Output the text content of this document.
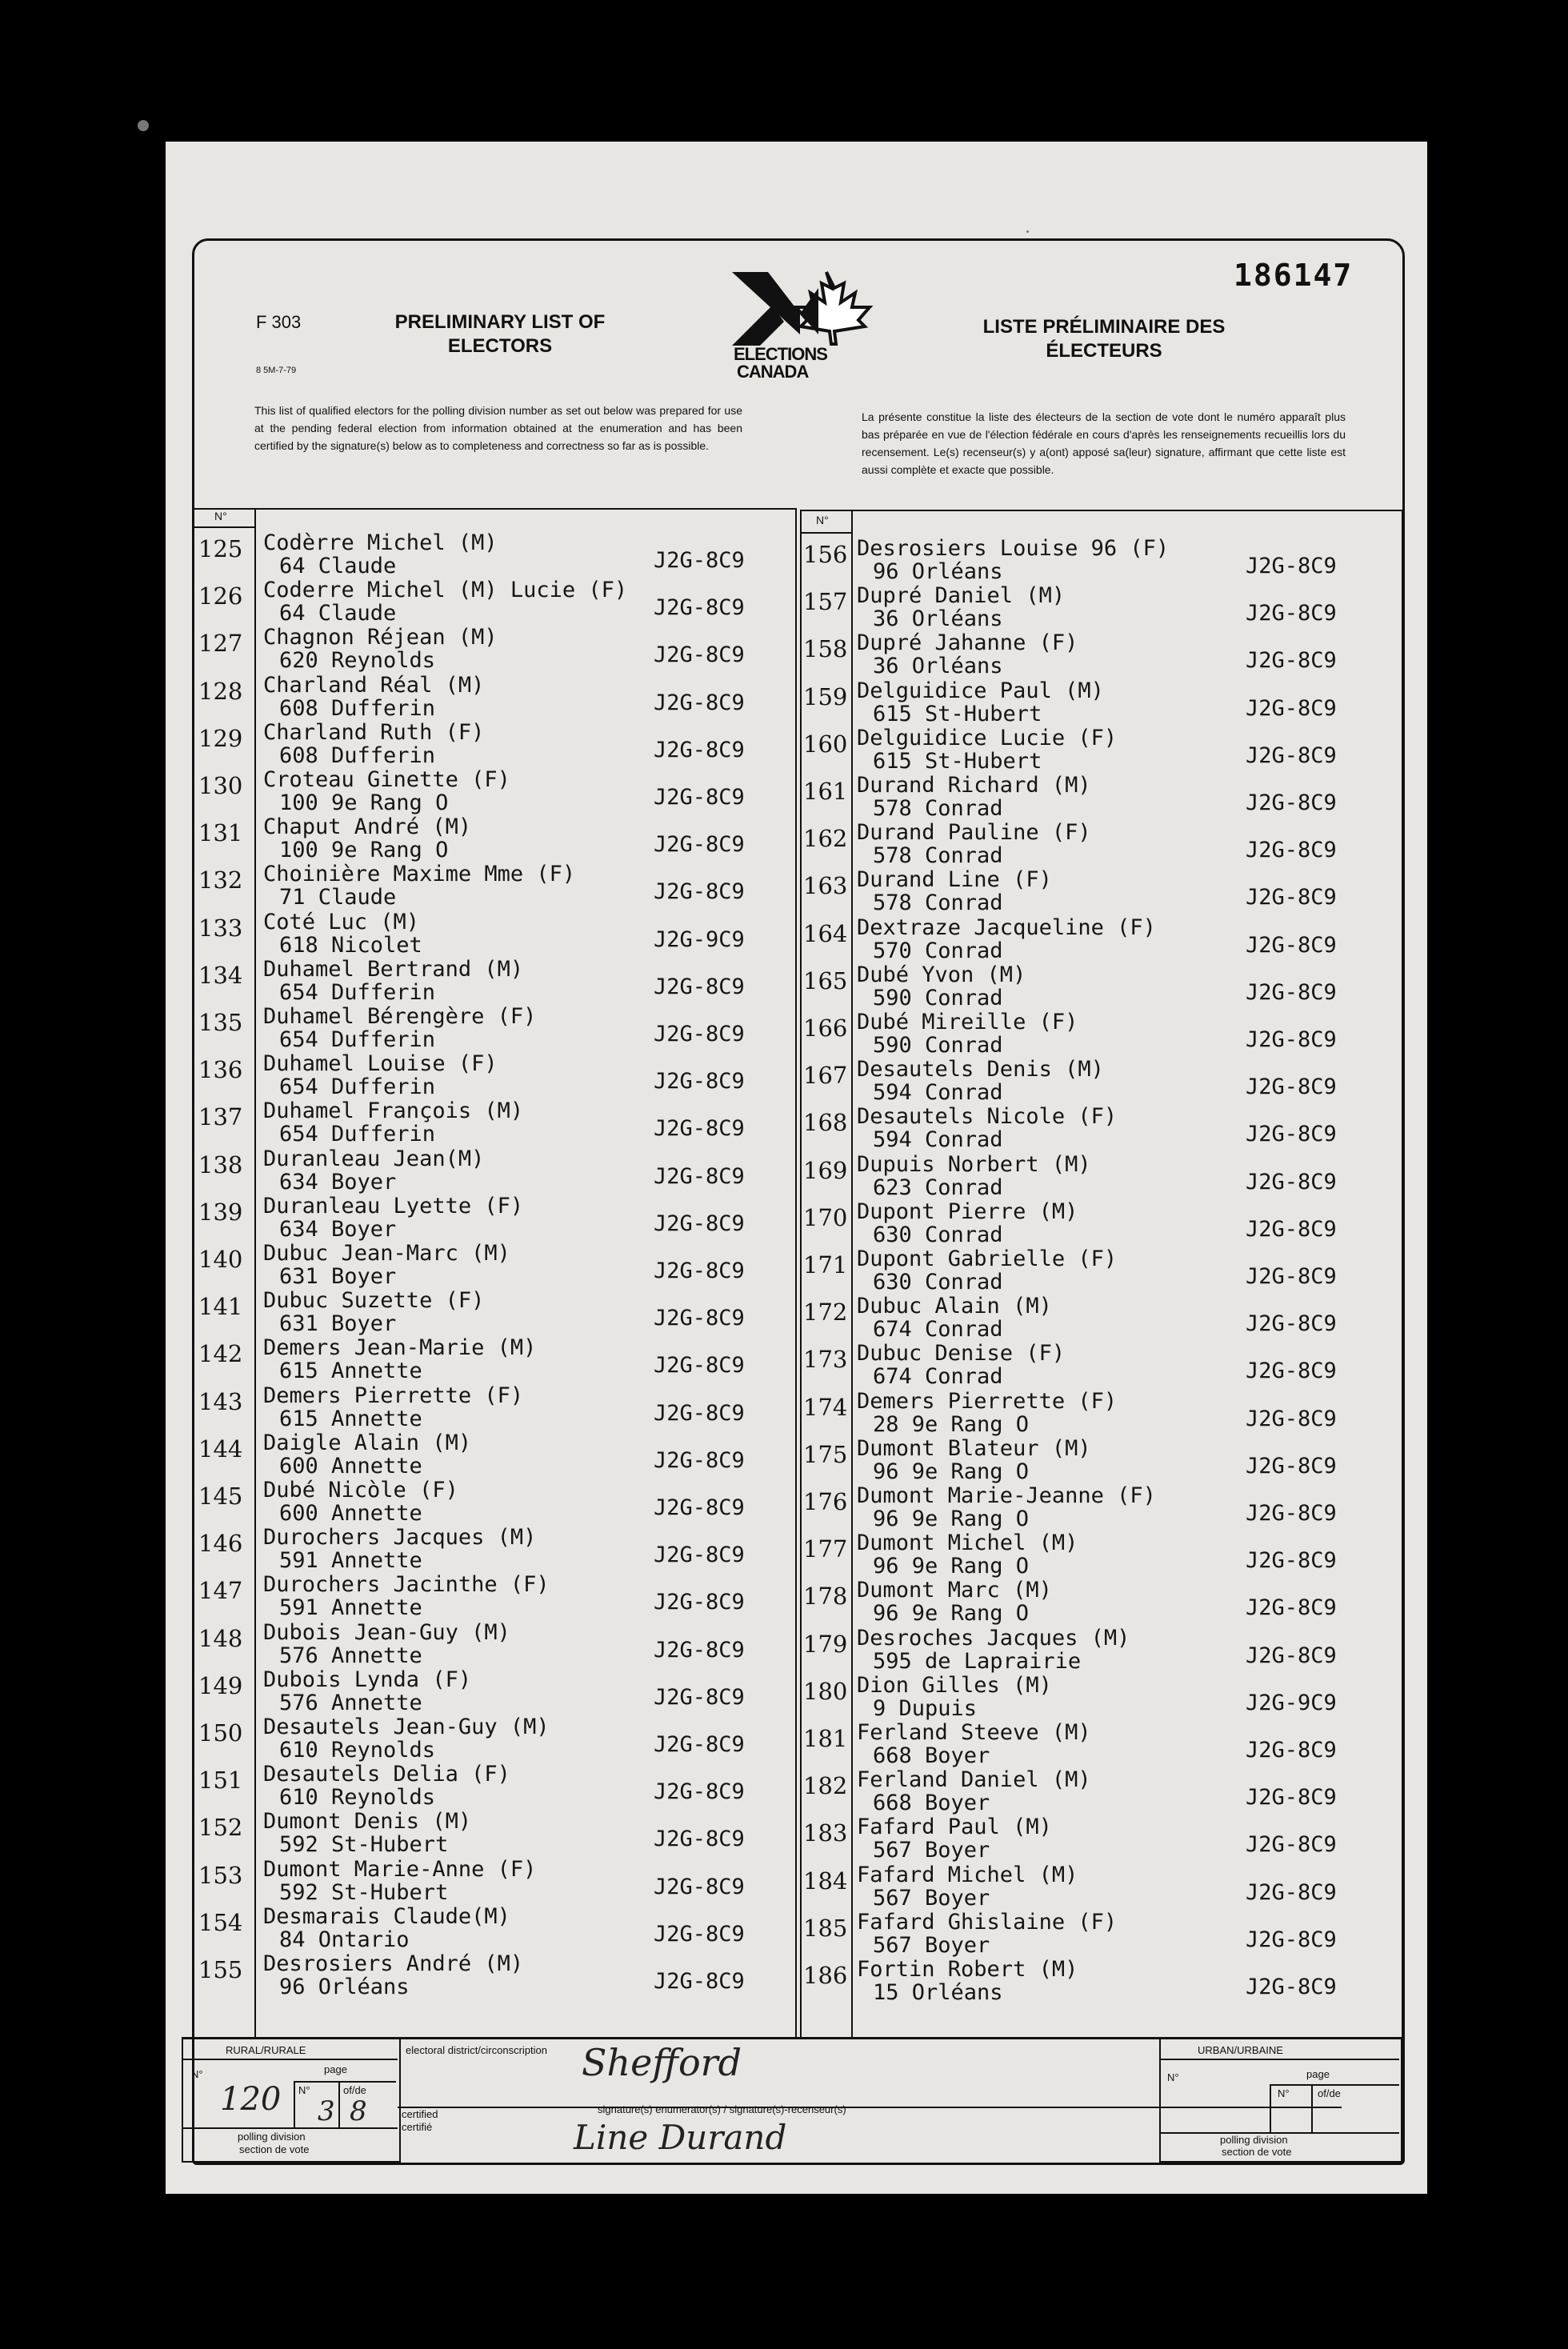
186147
F 303
8 5M-7-79
PRELIMINARY LIST OF
ELECTORS	ELECTIONS
CANADA
LISTE PRÉLIMINAIRE DES
ÉLECTEURS
This list of qualified electors for the polling division number as set out below was prepared for use at the pending federal election from information obtained at the enumeration and has been certified by the signature(s) below as to completeness and correctness so far as is possible.
La présente constitue la liste des électeurs de la section de vote dont le numéro apparaît plus bas préparée en vue de l'élection fédérale en cours d'après les renseignements recueillis lors du recensement. Le(s) recenseur(s) y a(ont) apposé sa(leur) signature, affirmant que cette liste est aussi complète et exacte que possible.
N°	N°
125 Codèrre Michel (M)
64 Claude	J2G-8C9
126 Coderre Michel (M) Lucie (F)
64 Claude	J2G-8C9
127 Chagnon Réjean (M)
620 Reynolds	J2G-8C9
128 Charland Réal (M)
608 Dufferin	J2G-8C9
129 Charland Ruth (F)
608 Dufferin	J2G-8C9
130 Croteau Ginette (F)
100 9e Rang O	J2G-8C9
131 Chaput André (M)
100 9e Rang O	J2G-8C9
132 Choinière Maxime Mme (F)
71 Claude	J2G-8C9
133 Coté Luc (M)
618 Nicolet	J2G-9C9
134 Duhamel Bertrand (M)
654 Dufferin	J2G-8C9
135 Duhamel Bérengère (F)
654 Dufferin	J2G-8C9
136 Duhamel Louise (F)
654 Dufferin	J2G-8C9
137 Duhamel François (M)
654 Dufferin	J2G-8C9
138 Duranleau Jean(M)
634 Boyer	J2G-8C9
139 Duranleau Lyette (F)
634 Boyer	J2G-8C9
140 Dubuc Jean-Marc (M)
631 Boyer	J2G-8C9
141 Dubuc Suzette (F)
631 Boyer	J2G-8C9
142 Demers Jean-Marie (M)
615 Annette	J2G-8C9
143 Demers Pierrette (F)
615 Annette	J2G-8C9
144 Daigle Alain (M)
600 Annette	J2G-8C9
145 Dubé Nicòle (F)
600 Annette	J2G-8C9
146 Durochers Jacques (M)
591 Annette	J2G-8C9
147 Durochers Jacinthe (F)
591 Annette	J2G-8C9
148 Dubois Jean-Guy (M)
576 Annette	J2G-8C9
149 Dubois Lynda (F)
576 Annette	J2G-8C9
150 Desautels Jean-Guy (M)
610 Reynolds	J2G-8C9
151 Desautels Delia (F)
610 Reynolds	J2G-8C9
152 Dumont Denis (M)
592 St-Hubert	J2G-8C9
153 Dumont Marie-Anne (F)
592 St-Hubert	J2G-8C9
154 Desmarais Claude(M)
84 Ontario	J2G-8C9
155 Desrosiers André (M)
96 Orléans	J2G-8C9
156 Desrosiers Louise 96 (F)
96 Orléans	J2G-8C9
157 Dupré Daniel (M)
36 Orléans	J2G-8C9
158 Dupré Jahanne (F)
36 Orléans	J2G-8C9
159 Delguidice Paul (M)
615 St-Hubert	J2G-8C9
160 Delguidice Lucie (F)
615 St-Hubert	J2G-8C9
161 Durand Richard (M)
578 Conrad	J2G-8C9
162 Durand Pauline (F)
578 Conrad	J2G-8C9
163 Durand Line (F)
578 Conrad	J2G-8C9
164 Dextraze Jacqueline (F)
570 Conrad	J2G-8C9
165 Dubé Yvon (M)
590 Conrad	J2G-8C9
166 Dubé Mireille (F)
590 Conrad	J2G-8C9
167 Desautels Denis (M)
594 Conrad	J2G-8C9
168 Desautels Nicole (F)
594 Conrad	J2G-8C9
169 Dupuis Norbert (M)
623 Conrad	J2G-8C9
170 Dupont Pierre (M)
630 Conrad	J2G-8C9
171 Dupont Gabrielle (F)
630 Conrad	J2G-8C9
172 Dubuc Alain (M)
674 Conrad	J2G-8C9
173 Dubuc Denise (F)
674 Conrad	J2G-8C9
174 Demers Pierrette (F)
28 9e Rang O	J2G-8C9
175 Dumont Blateur (M)
96 9e Rang O	J2G-8C9
176 Dumont Marie-Jeanne (F)
96 9e Rang O	J2G-8C9
177 Dumont Michel (M)
96 9e Rang O	J2G-8C9
178 Dumont Marc (M)
96 9e Rang O	J2G-8C9
179 Desroches Jacques (M)
595 de Laprairie	J2G-8C9
180 Dion Gilles (M)
9 Dupuis	J2G-9C9
181 Ferland Steeve (M)
668 Boyer	J2G-8C9
182 Ferland Daniel (M)
668 Boyer	J2G-8C9
183 Fafard Paul (M)
567 Boyer	J2G-8C9
184 Fafard Michel (M)
567 Boyer	J2G-8C9
185 Fafard Ghislaine (F)
567 Boyer	J2G-8C9
186 Fortin Robert (M)
15 Orléans	J2G-8C9
RURAL/RURALE
N°	page
N°	of/de
polling division
section de vote
120 3 8
electoral district/circonscription Shefford
certified
certifié
signature(s) enumerator(s) / signature(s)-recenseur(s)
Line Durand
URBAN/URBAINE
N°	page
N°	of/de
polling division
section de vote
